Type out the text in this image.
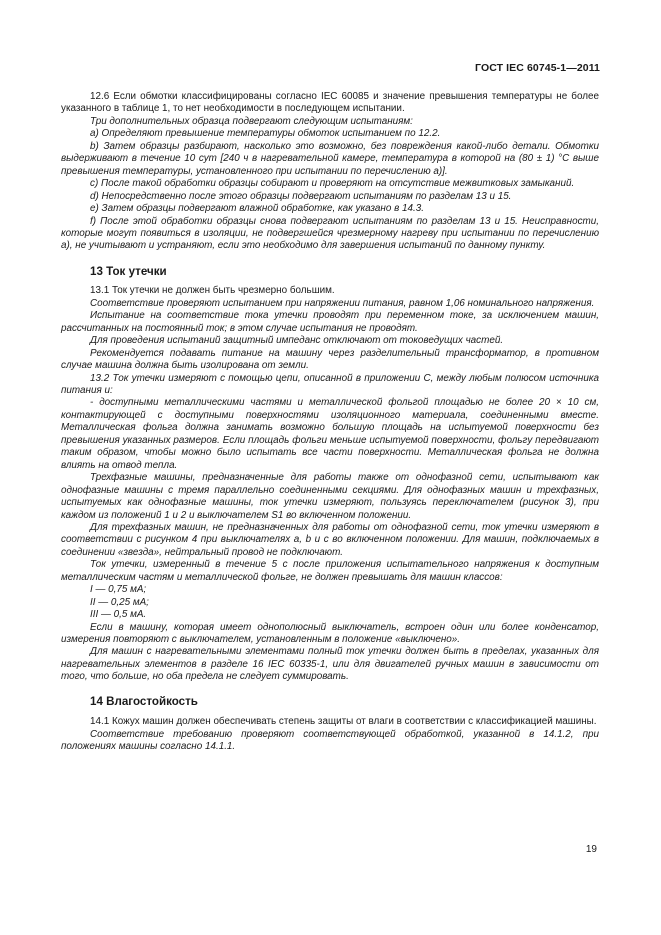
ГОСТ IEC 60745-1—2011

12.6 Если обмотки классифицированы согласно IEC 60085 и значение превышения температуры не более указанного в таблице 1, то нет необходимости в последующем испытании.

Три дополнительных образца подвергают следующим испытаниям:

a) Определяют превышение температуры обмоток испытанием по 12.2.

b) Затем образцы разбирают, насколько это возможно, без повреждения какой-либо детали. Обмотки выдерживают в течение 10 сут [240 ч в нагревательной камере, температура в которой на (80 ± 1) °С выше превышения температуры, установленного при испытании по перечислению а)].

c) После такой обработки образцы собирают и проверяют на отсутствие межвитковых замыканий.

d) Непосредственно после этого образцы подвергают испытаниям по разделам 13 и 15.

e) Затем образцы подвергают влажной обработке, как указано в 14.3.

f) После этой обработки образцы снова подвергают испытаниям по разделам 13 и 15. Неисправности, которые могут появиться в изоляции, не подвергшейся чрезмерному нагреву при испытании по перечислению а), не учитывают и устраняют, если это необходимо для завершения испытаний по данному пункту.

13 Ток утечки

13.1 Ток утечки не должен быть чрезмерно большим.

Соответствие проверяют испытанием при напряжении питания, равном 1,06 номинального напряжения.

Испытание на соответствие тока утечки проводят при переменном токе, за исключением машин, рассчитанных на постоянный ток; в этом случае испытания не проводят.

Для проведения испытаний защитный импеданс отключают от токоведущих частей.

Рекомендуется подавать питание на машину через разделительный трансформатор, в противном случае машина должна быть изолирована от земли.

13.2 Ток утечки измеряют с помощью цепи, описанной в приложении С, между любым полюсом источника питания и:

- доступными металлическими частями и металлической фольгой площадью не более 20 × 10 см, контактирующей с доступными поверхностями изоляционного материала, соединенными вместе. Металлическая фольга должна занимать возможно большую площадь на испытуемой поверхности без превышения указанных размеров. Если площадь фольги меньше испытуемой поверхности, фольгу передвигают таким образом, чтобы можно было испытать все части поверхности. Металлическая фольга не должна влиять на отвод тепла.

Трехфазные машины, предназначенные для работы также от однофазной сети, испытывают как однофазные машины с тремя параллельно соединенными секциями. Для однофазных машин и трехфазных, испытуемых как однофазные машины, ток утечки измеряют, пользуясь переключателем (рисунок 3), при каждом из положений 1 и 2 и выключателем S1 во включенном положении.

Для трехфазных машин, не предназначенных для работы от однофазной сети, ток утечки измеряют в соответствии с рисунком 4 при выключателях а, b и с во включенном положении. Для машин, подключаемых в соединении «звезда», нейтральный провод не подключают.

Ток утечки, измеренный в течение 5 с после приложения испытательного напряжения к доступным металлическим частям и металлической фольге, не должен превышать для машин классов:

I — 0,75 мА;

II — 0,25 мА;

III — 0,5 мА.

Если в машину, которая имеет однополюсный выключатель, встроен один или более конденсатор, измерения повторяют с выключателем, установленным в положение «выключено».

Для машин с нагревательными элементами полный ток утечки должен быть в пределах, указанных для нагревательных элементов в разделе 16 IEC 60335-1, или для двигателей ручных машин в зависимости от того, что больше, но оба предела не следует суммировать.

14 Влагостойкость

14.1 Кожух машин должен обеспечивать степень защиты от влаги в соответствии с классификацией машины.

Соответствие требованию проверяют соответствующей обработкой, указанной в 14.1.2, при положениях машины согласно 14.1.1.

19
